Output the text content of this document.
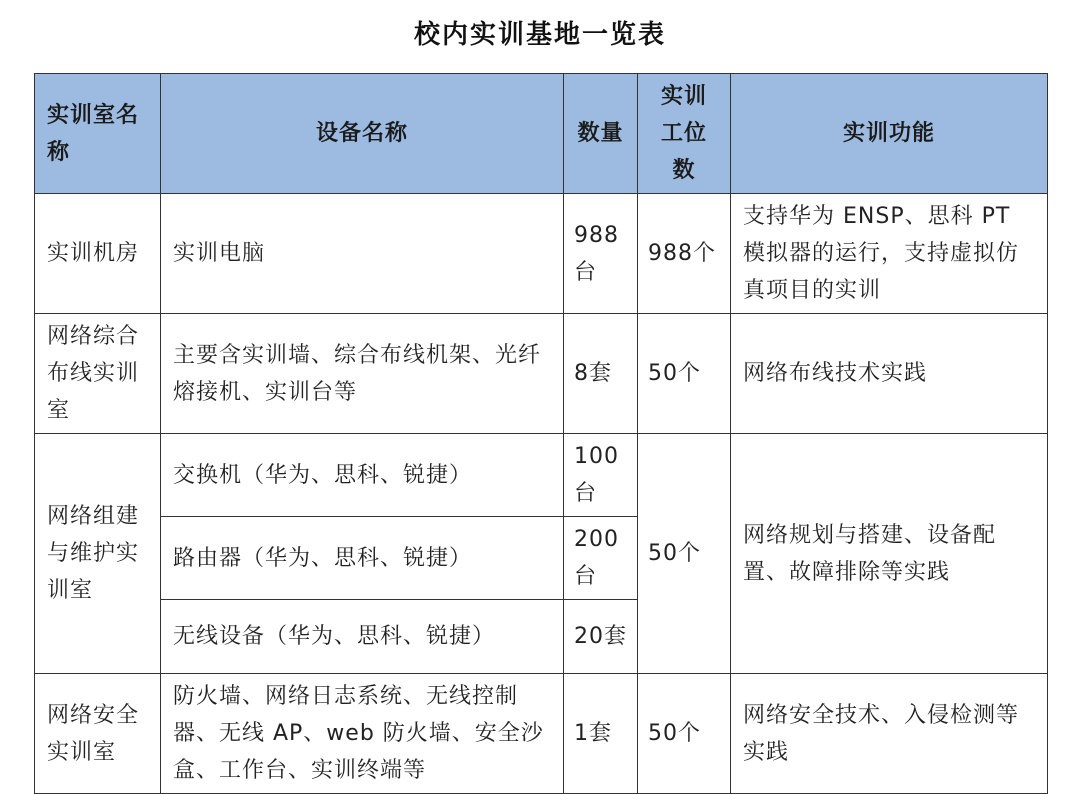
校内实训基地一览表
实训室名称	设备名称	数量	实训工位数	实训功能
实训机房	实训电脑	988台	988个	支持华为 ENSP、思科 PT 模拟器的运行，支持虚拟仿真项目的实训
网络综合布线实训室	主要含实训墙、综合布线机架、光纤熔接机、实训台等	8套	50个	网络布线技术实践
网络组建与维护实训室	交换机（华为、思科、锐捷）	100台	50个	网络规划与搭建、设备配置、故障排除等实践
	路由器（华为、思科、锐捷）	200台		
	无线设备（华为、思科、锐捷）	20套		
网络安全实训室	防火墙、网络日志系统、无线控制器、无线 AP、web 防火墙、安全沙盒、工作台、实训终端等	1套	50个	网络安全技术、入侵检测等实践
